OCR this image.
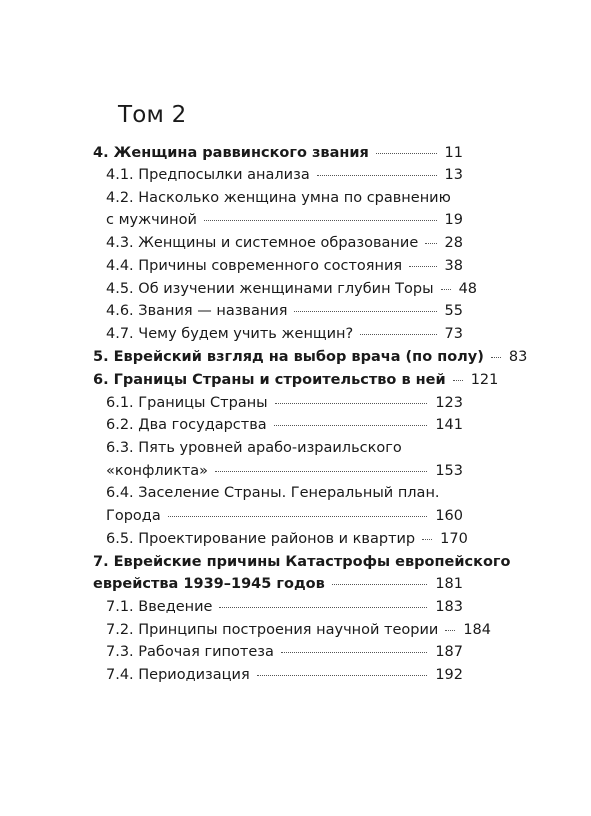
Том 2
4. Женщина раввинского звания	11
4.1. Предпосылки анализа	13
4.2. Насколько женщина умна по сравнению
с мужчиной	19
4.3. Женщины и системное образование 28
4.4. Причины современного состояния	38
4.5. Об изучении женщинами глубин Торы 48
4.6. Звания — названия	55
4.7. Чему будем учить женщин?	73
5. Еврейский взгляд на выбор врача (по полу) 83
6. Границы Страны и строительство в ней 121
6.1. Границы Страны	123
6.2. Два государства	141
6.3. Пять уровней арабо-израильского
«конфликта»	153
6.4. Заселение Страны. Генеральный план.
Города	160
6.5. Проектирование районов и квартир 170
7. Еврейские причины Катастрофы европейского
еврейства 1939–1945 годов	181
7.1. Введение	183
7.2. Принципы построения научной теории 184
7.3. Рабочая гипотеза	187
7.4. Периодизация	192
